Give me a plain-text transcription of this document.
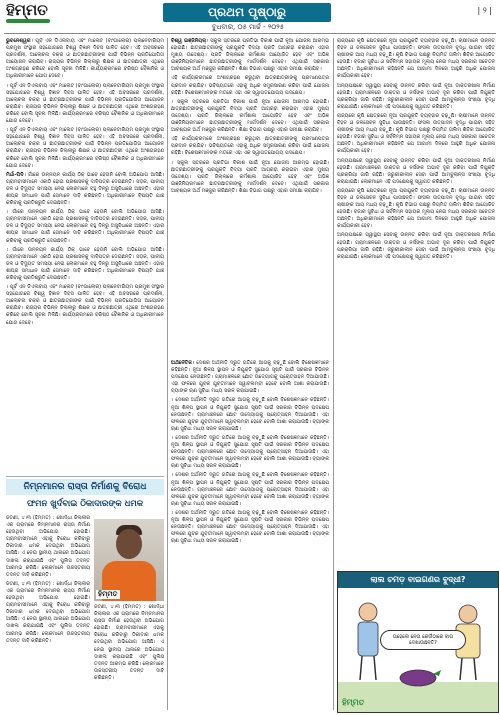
ହିମ୍ମତ	ପ୍ରଥମ ପୃଷ୍ଠାରୁ
ବୁଧବାର, ୦୫ ମାର୍ଚ୍ଚ - ୨୦୨୫
| ୨ |

ଭୁବନେଶ୍ୱର। ପୂର୍ବ ଏନ ଡିଏଲବାୟ ଏବଂ ମାଲେଟ (ବାଂଗାଲୋର) ପ୍ଲାନେଟାରିୟମ ପ୍ରମୁଖ ସଂସ୍ଥାର ସହଯୋଗରେ ବିଶ୍ୱ ବିଜ୍ଞାନ ଦିବସ ପାଳିତ ହେବ। ଏହି ଅବସରରେ ପ୍ରଦର୍ଶନୀ, ଆଲୋଚନା ଚକ୍ର ଓ ଛାତ୍ରଛାତ୍ରୀଙ୍କ ପାଇଁ ବିଭିନ୍ନ ପ୍ରତିଯୋଗିତା ଆୟୋଜନ କରାଯିବ। ରାଜ୍ୟର ବିଭିନ୍ନ ଜିଲ୍ଲାରୁ ଶିକ୍ଷକ ଓ ଛାତ୍ରଛାତ୍ରୀ ଏଥିରେ ଅଂଶଗ୍ରହଣ କରିବେ ବୋଲି ସୂଚନା ମିଳିଛି। କାର୍ଯ୍ୟକ୍ରମରେ ବରିଷ୍ଠ ବୈଜ୍ଞାନିକ ଓ ଅଧିକାରୀମାନେ ଯୋଗ ଦେବେ।

। ପୂର୍ବ ଏନ ଡିଏଲବାୟ ଏବଂ ମାଲେଟ (ବାଂଗାଲୋର) ପ୍ଲାନେଟାରିୟମ ପ୍ରମୁଖ ସଂସ୍ଥାର ସହଯୋଗରେ ବିଶ୍ୱ ବିଜ୍ଞାନ ଦିବସ ପାଳିତ ହେବ। ଏହି ଅବସରରେ ପ୍ରଦର୍ଶନୀ, ଆଲୋଚନା ଚକ୍ର ଓ ଛାତ୍ରଛାତ୍ରୀଙ୍କ ପାଇଁ ବିଭିନ୍ନ ପ୍ରତିଯୋଗିତା ଆୟୋଜନ କରାଯିବ। ରାଜ୍ୟର ବିଭିନ୍ନ ଜିଲ୍ଲାରୁ ଶିକ୍ଷକ ଓ ଛାତ୍ରଛାତ୍ରୀ ଏଥିରେ ଅଂଶଗ୍ରହଣ କରିବେ ବୋଲି ସୂଚନା ମିଳିଛି। କାର୍ଯ୍ୟକ୍ରମରେ ବରିଷ୍ଠ ବୈଜ୍ଞାନିକ ଓ ଅଧିକାରୀମାନେ ଯୋଗ ଦେବେ।

। ପୂର୍ବ ଏନ ଡିଏଲବାୟ ଏବଂ ମାଲେଟ (ବାଂଗାଲୋର) ପ୍ଲାନେଟାରିୟମ ପ୍ରମୁଖ ସଂସ୍ଥାର ସହଯୋଗରେ ବିଶ୍ୱ ବିଜ୍ଞାନ ଦିବସ ପାଳିତ ହେବ। ଏହି ଅବସରରେ ପ୍ରଦର୍ଶନୀ, ଆଲୋଚନା ଚକ୍ର ଓ ଛାତ୍ରଛାତ୍ରୀଙ୍କ ପାଇଁ ବିଭିନ୍ନ ପ୍ରତିଯୋଗିତା ଆୟୋଜନ କରାଯିବ। ରାଜ୍ୟର ବିଭିନ୍ନ ଜିଲ୍ଲାରୁ ଶିକ୍ଷକ ଓ ଛାତ୍ରଛାତ୍ରୀ ଏଥିରେ ଅଂଶଗ୍ରହଣ କରିବେ ବୋଲି ସୂଚନା ମିଳିଛି। କାର୍ଯ୍ୟକ୍ରମରେ ବରିଷ୍ଠ ବୈଜ୍ଞାନିକ ଓ ଅଧିକାରୀମାନେ ଯୋଗ ଦେବେ।

ମିର୍ଧା-ପିଦି। ଗାଁରେ ଉନ୍ନୟନ କାର୍ଯ୍ୟ ଠିକ୍ ଭାବେ ହେଉନି ବୋଲି ଅଭିଯୋଗ ଆସିଛି। ଗ୍ରାମବାସୀମାନେ ଏକାଠି ହୋଇ ପ୍ରଶାସନକୁ ଦାବିପତ୍ର ଦେଇଛନ୍ତି। ସଡ଼କ, ପାନୀୟ ଜଳ ଓ ବିଦ୍ୟୁତ ସମସ୍ୟା ନେଇ ଲୋକମାନେ ବହୁ ଦିନରୁ ଅସୁବିଧାରେ ଅଛନ୍ତି। ଏହାର ଶୀଘ୍ର ସମାଧାନ ପାଇଁ ସେମାନେ ଦାବି କରିଛନ୍ତି। ଅଧିକାରୀମାନେ ବିଷୟଟି ଯାଞ୍ଚ କରିବାକୁ ପ୍ରତିଶ୍ରୁତି ଦେଇଛନ୍ତି।

। ଗାଁରେ ଉନ୍ନୟନ କାର୍ଯ୍ୟ ଠିକ୍ ଭାବେ ହେଉନି ବୋଲି ଅଭିଯୋଗ ଆସିଛି। ଗ୍ରାମବାସୀମାନେ ଏକାଠି ହୋଇ ପ୍ରଶାସନକୁ ଦାବିପତ୍ର ଦେଇଛନ୍ତି। ସଡ଼କ, ପାନୀୟ ଜଳ ଓ ବିଦ୍ୟୁତ ସମସ୍ୟା ନେଇ ଲୋକମାନେ ବହୁ ଦିନରୁ ଅସୁବିଧାରେ ଅଛନ୍ତି। ଏହାର ଶୀଘ୍ର ସମାଧାନ ପାଇଁ ସେମାନେ ଦାବି କରିଛନ୍ତି। ଅଧିକାରୀମାନେ ବିଷୟଟି ଯାଞ୍ଚ କରିବାକୁ ପ୍ରତିଶ୍ରୁତି ଦେଇଛନ୍ତି।

। ଗାଁରେ ଉନ୍ନୟନ କାର୍ଯ୍ୟ ଠିକ୍ ଭାବେ ହେଉନି ବୋଲି ଅଭିଯୋଗ ଆସିଛି। ଗ୍ରାମବାସୀମାନେ ଏକାଠି ହୋଇ ପ୍ରଶାସନକୁ ଦାବିପତ୍ର ଦେଇଛନ୍ତି। ସଡ଼କ, ପାନୀୟ ଜଳ ଓ ବିଦ୍ୟୁତ ସମସ୍ୟା ନେଇ ଲୋକମାନେ ବହୁ ଦିନରୁ ଅସୁବିଧାରେ ଅଛନ୍ତି। ଏହାର ଶୀଘ୍ର ସମାଧାନ ପାଇଁ ସେମାନେ ଦାବି କରିଛନ୍ତି। ଅଧିକାରୀମାନେ ବିଷୟଟି ଯାଞ୍ଚ କରିବାକୁ ପ୍ରତିଶ୍ରୁତି ଦେଇଛନ୍ତି।

। ପୂର୍ବ ଏନ ଡିଏଲବାୟ ଏବଂ ମାଲେଟ (ବାଂଗାଲୋର) ପ୍ଲାନେଟାରିୟମ ପ୍ରମୁଖ ସଂସ୍ଥାର ସହଯୋଗରେ ବିଶ୍ୱ ବିଜ୍ଞାନ ଦିବସ ପାଳିତ ହେବ। ଏହି ଅବସରରେ ପ୍ରଦର୍ଶନୀ, ଆଲୋଚନା ଚକ୍ର ଓ ଛାତ୍ରଛାତ୍ରୀଙ୍କ ପାଇଁ ବିଭିନ୍ନ ପ୍ରତିଯୋଗିତା ଆୟୋଜନ କରାଯିବ। ରାଜ୍ୟର ବିଭିନ୍ନ ଜିଲ୍ଲାରୁ ଶିକ୍ଷକ ଓ ଛାତ୍ରଛାତ୍ରୀ ଏଥିରେ ଅଂଶଗ୍ରହଣ କରିବେ ବୋଲି ସୂଚନା ମିଳିଛି। କାର୍ଯ୍ୟକ୍ରମରେ ବରିଷ୍ଠ ବୈଜ୍ଞାନିକ ଓ ଅଧିକାରୀମାନେ ଯୋଗ ଦେବେ।

ନିମ୍ନମାନର ରାସ୍ତା ନିର୍ମାଣକୁ ବିରୋଧ
ଫମନ ଖୁର୍ଦବାଇ ଠିକାଦାରଙ୍କ ଧମକ

ଜଟଣୀ, ୪।୩ (ହିମ୍ମତ) : ଖୋର୍ଦ୍ଧା ଜିଲ୍ଲାର ଏକ ଗ୍ରାମରେ ନିମ୍ନମାନର ରାସ୍ତା ନିର୍ମାଣ ହେଉଥିବା ଅଭିଯୋଗ ହୋଇଛି। ଗ୍ରାମବାସୀମାନେ ଏହାକୁ ବିରୋଧ କରିବାରୁ ଠିକାଦାର ଧମକ ଦେଇଥିବା ଅଭିଯୋଗ ଆସିଛି। ଏ ନେଇ ସ୍ଥାନୀୟ ଥାନାରେ ଅଭିଯୋଗ ଦାଖଲ କରାଯାଇଛି ଏବଂ ପୁଲିସ ତଦନ୍ତ ଆରମ୍ଭ କରିଛି। ଲୋକମାନେ ଉଚ୍ଚସ୍ତରୀୟ ତଦନ୍ତ ଦାବି କରିଛନ୍ତି।

ଜଟଣୀ, ୪।୩ (ହିମ୍ମତ) : ଖୋର୍ଦ୍ଧା ଜିଲ୍ଲାର ଏକ ଗ୍ରାମରେ ନିମ୍ନମାନର ରାସ୍ତା ନିର୍ମାଣ ହେଉଥିବା ଅଭିଯୋଗ ହୋଇଛି। ଗ୍ରାମବାସୀମାନେ ଏହାକୁ ବିରୋଧ କରିବାରୁ ଠିକାଦାର ଧମକ ଦେଇଥିବା ଅଭିଯୋଗ ଆସିଛି। ଏ ନେଇ ସ୍ଥାନୀୟ ଥାନାରେ ଅଭିଯୋଗ ଦାଖଲ କରାଯାଇଛି ଏବଂ ପୁଲିସ ତଦନ୍ତ ଆରମ୍ଭ କରିଛି। ଲୋକମାନେ ଉଚ୍ଚସ୍ତରୀୟ ତଦନ୍ତ ଦାବି କରିଛନ୍ତି।

ଜଟଣୀ, ୪।୩ (ହିମ୍ମତ) : ଖୋର୍ଦ୍ଧା ଜିଲ୍ଲାର ଏକ ଗ୍ରାମରେ ନିମ୍ନମାନର ରାସ୍ତା ନିର୍ମାଣ ହେଉଥିବା ଅଭିଯୋଗ ହୋଇଛି। ଗ୍ରାମବାସୀମାନେ ଏହାକୁ ବିରୋଧ କରିବାରୁ ଠିକାଦାର ଧମକ ଦେଇଥିବା ଅଭିଯୋଗ ଆସିଛି। ଏ ନେଇ ସ୍ଥାନୀୟ ଥାନାରେ ଅଭିଯୋଗ ଦାଖଲ କରାଯାଇଛି ଏବଂ ପୁଲିସ ତଦନ୍ତ ଆରମ୍ଭ କରିଛି। ଲୋକମାନେ ଉଚ୍ଚସ୍ତରୀୟ ତଦନ୍ତ ଦାବି କରିଛନ୍ତି।

ହିମ୍ମତ

ବିଶ୍ୱ ଇଞ୍ଜିନିୟର୍। ସ୍କୁଲ ସ୍ତରରେ ପ୍ରତିଭା ବିକାଶ ପାଇଁ ନୂଆ ଯୋଜନା ଆରମ୍ଭ ହୋଇଛି। ଛାତ୍ରଛାତ୍ରୀଙ୍କୁ ପ୍ରଯୁକ୍ତି ବିଦ୍ୟା ପ୍ରତି ଆଗ୍ରହୀ କରାଇବା ଏହାର ମୁଖ୍ୟ ଉଦ୍ଦେଶ୍ୟ। ପ୍ରତି ଜିଲ୍ଲାରେ କର୍ମଶାଳା ଆୟୋଜିତ ହେବ ଏବଂ ଅଭିଜ୍ଞ ଇଞ୍ଜିନିୟରମାନେ ଛାତ୍ରଛାତ୍ରୀଙ୍କୁ ମାର୍ଗଦର୍ଶନ ଦେବେ। ଏଥିପାଇଁ ସରକାର ଆବଶ୍ୟକ ଅର୍ଥ ମଞ୍ଜୁର କରିଛନ୍ତି। ଶିକ୍ଷା ବିଭାଗ ପକ୍ଷରୁ ଏହାର ସମୀକ୍ଷା କରାଯିବ।

ଏହି କାର୍ଯ୍ୟକ୍ରମରେ ଅଂଶଗ୍ରହଣ କରୁଥିବା ଛାତ୍ରଛାତ୍ରୀଙ୍କୁ ପ୍ରମାଣପତ୍ର ପ୍ରଦାନ କରାଯିବ। ଭବିଷ୍ୟତରେ ଏହାକୁ ଅଧିକ ସମ୍ପ୍ରସାରଣ କରିବା ପାଇଁ ଯୋଜନା ରହିଛି। ବିଶେଷଜ୍ଞମାନଙ୍କ ମତରେ ଏହା ଏକ ସ୍ୱାଗତଯୋଗ୍ୟ ପଦକ୍ଷେପ।

। ସ୍କୁଲ ସ୍ତରରେ ପ୍ରତିଭା ବିକାଶ ପାଇଁ ନୂଆ ଯୋଜନା ଆରମ୍ଭ ହୋଇଛି। ଛାତ୍ରଛାତ୍ରୀଙ୍କୁ ପ୍ରଯୁକ୍ତି ବିଦ୍ୟା ପ୍ରତି ଆଗ୍ରହୀ କରାଇବା ଏହାର ମୁଖ୍ୟ ଉଦ୍ଦେଶ୍ୟ। ପ୍ରତି ଜିଲ୍ଲାରେ କର୍ମଶାଳା ଆୟୋଜିତ ହେବ ଏବଂ ଅଭିଜ୍ଞ ଇଞ୍ଜିନିୟରମାନେ ଛାତ୍ରଛାତ୍ରୀଙ୍କୁ ମାର୍ଗଦର୍ଶନ ଦେବେ। ଏଥିପାଇଁ ସରକାର ଆବଶ୍ୟକ ଅର୍ଥ ମଞ୍ଜୁର କରିଛନ୍ତି। ଶିକ୍ଷା ବିଭାଗ ପକ୍ଷରୁ ଏହାର ସମୀକ୍ଷା କରାଯିବ।

ଏହି କାର୍ଯ୍ୟକ୍ରମରେ ଅଂଶଗ୍ରହଣ କରୁଥିବା ଛାତ୍ରଛାତ୍ରୀଙ୍କୁ ପ୍ରମାଣପତ୍ର ପ୍ରଦାନ କରାଯିବ। ଭବିଷ୍ୟତରେ ଏହାକୁ ଅଧିକ ସମ୍ପ୍ରସାରଣ କରିବା ପାଇଁ ଯୋଜନା ରହିଛି। ବିଶେଷଜ୍ଞମାନଙ୍କ ମତରେ ଏହା ଏକ ସ୍ୱାଗତଯୋଗ୍ୟ ପଦକ୍ଷେପ।

। ସ୍କୁଲ ସ୍ତରରେ ପ୍ରତିଭା ବିକାଶ ପାଇଁ ନୂଆ ଯୋଜନା ଆରମ୍ଭ ହୋଇଛି। ଛାତ୍ରଛାତ୍ରୀଙ୍କୁ ପ୍ରଯୁକ୍ତି ବିଦ୍ୟା ପ୍ରତି ଆଗ୍ରହୀ କରାଇବା ଏହାର ମୁଖ୍ୟ ଉଦ୍ଦେଶ୍ୟ। ପ୍ରତି ଜିଲ୍ଲାରେ କର୍ମଶାଳା ଆୟୋଜିତ ହେବ ଏବଂ ଅଭିଜ୍ଞ ଇଞ୍ଜିନିୟରମାନେ ଛାତ୍ରଛାତ୍ରୀଙ୍କୁ ମାର୍ଗଦର୍ଶନ ଦେବେ। ଏଥିପାଇଁ ସରକାର ଆବଶ୍ୟକ ଅର୍ଥ ମଞ୍ଜୁର କରିଛନ୍ତି। ଶିକ୍ଷା ବିଭାଗ ପକ୍ଷରୁ ଏହାର ସମୀକ୍ଷା କରାଯିବ।

ଅର୍ଥନୈତିକ। ଦେଶର ଅର୍ଥନୀତି ଦ୍ରୁତ ଗତିରେ ଆଗକୁ ବଢ଼ୁଛି ବୋଲି ବିଶେଷଜ୍ଞମାନେ କହିଛନ୍ତି। ନୂଆ ଶିଳ୍ପ ସ୍ଥାପନ ଓ ନିଯୁକ୍ତି ସୁଯୋଗ ସୃଷ୍ଟି ପାଇଁ ସରକାର ବିଭିନ୍ନ ପଦକ୍ଷେପ ନେଉଛନ୍ତି। ଗ୍ରାମାଞ୍ଚଳରେ ଛୋଟ ଉଦ୍ୟୋଗକୁ ପ୍ରୋତ୍ସାହନ ଦିଆଯାଉଛି। ଏହା ଫଳରେ ଯୁବକ ଯୁବତୀମାନେ ସ୍ୱାବଲମ୍ବୀ ହେବେ ବୋଲି ଆଶା କରାଯାଉଛି। ବ୍ୟାଙ୍କ ଋଣ ସୁବିଧା ମଧ୍ୟ ସରଳ କରାଯାଇଛି।

। ଦେଶର ଅର୍ଥନୀତି ଦ୍ରୁତ ଗତିରେ ଆଗକୁ ବଢ଼ୁଛି ବୋଲି ବିଶେଷଜ୍ଞମାନେ କହିଛନ୍ତି। ନୂଆ ଶିଳ୍ପ ସ୍ଥାପନ ଓ ନିଯୁକ୍ତି ସୁଯୋଗ ସୃଷ୍ଟି ପାଇଁ ସରକାର ବିଭିନ୍ନ ପଦକ୍ଷେପ ନେଉଛନ୍ତି। ଗ୍ରାମାଞ୍ଚଳରେ ଛୋଟ ଉଦ୍ୟୋଗକୁ ପ୍ରୋତ୍ସାହନ ଦିଆଯାଉଛି। ଏହା ଫଳରେ ଯୁବକ ଯୁବତୀମାନେ ସ୍ୱାବଲମ୍ବୀ ହେବେ ବୋଲି ଆଶା କରାଯାଉଛି। ବ୍ୟାଙ୍କ ଋଣ ସୁବିଧା ମଧ୍ୟ ସରଳ କରାଯାଇଛି।

। ଦେଶର ଅର୍ଥନୀତି ଦ୍ରୁତ ଗତିରେ ଆଗକୁ ବଢ଼ୁଛି ବୋଲି ବିଶେଷଜ୍ଞମାନେ କହିଛନ୍ତି। ନୂଆ ଶିଳ୍ପ ସ୍ଥାପନ ଓ ନିଯୁକ୍ତି ସୁଯୋଗ ସୃଷ୍ଟି ପାଇଁ ସରକାର ବିଭିନ୍ନ ପଦକ୍ଷେପ ନେଉଛନ୍ତି। ଗ୍ରାମାଞ୍ଚଳରେ ଛୋଟ ଉଦ୍ୟୋଗକୁ ପ୍ରୋତ୍ସାହନ ଦିଆଯାଉଛି। ଏହା ଫଳରେ ଯୁବକ ଯୁବତୀମାନେ ସ୍ୱାବଲମ୍ବୀ ହେବେ ବୋଲି ଆଶା କରାଯାଉଛି। ବ୍ୟାଙ୍କ ଋଣ ସୁବିଧା ମଧ୍ୟ ସରଳ କରାଯାଇଛି।

। ଦେଶର ଅର୍ଥନୀତି ଦ୍ରୁତ ଗତିରେ ଆଗକୁ ବଢ଼ୁଛି ବୋଲି ବିଶେଷଜ୍ଞମାନେ କହିଛନ୍ତି। ନୂଆ ଶିଳ୍ପ ସ୍ଥାପନ ଓ ନିଯୁକ୍ତି ସୁଯୋଗ ସୃଷ୍ଟି ପାଇଁ ସରକାର ବିଭିନ୍ନ ପଦକ୍ଷେପ ନେଉଛନ୍ତି। ଗ୍ରାମାଞ୍ଚଳରେ ଛୋଟ ଉଦ୍ୟୋଗକୁ ପ୍ରୋତ୍ସାହନ ଦିଆଯାଉଛି। ଏହା ଫଳରେ ଯୁବକ ଯୁବତୀମାନେ ସ୍ୱାବଲମ୍ବୀ ହେବେ ବୋଲି ଆଶା କରାଯାଉଛି। ବ୍ୟାଙ୍କ ଋଣ ସୁବିଧା ମଧ୍ୟ ସରଳ କରାଯାଇଛି।

। ଦେଶର ଅର୍ଥନୀତି ଦ୍ରୁତ ଗତିରେ ଆଗକୁ ବଢ଼ୁଛି ବୋଲି ବିଶେଷଜ୍ଞମାନେ କହିଛନ୍ତି। ନୂଆ ଶିଳ୍ପ ସ୍ଥାପନ ଓ ନିଯୁକ୍ତି ସୁଯୋଗ ସୃଷ୍ଟି ପାଇଁ ସରକାର ବିଭିନ୍ନ ପଦକ୍ଷେପ ନେଉଛନ୍ତି। ଗ୍ରାମାଞ୍ଚଳରେ ଛୋଟ ଉଦ୍ୟୋଗକୁ ପ୍ରୋତ୍ସାହନ ଦିଆଯାଉଛି। ଏହା ଫଳରେ ଯୁବକ ଯୁବତୀମାନେ ସ୍ୱାବଲମ୍ବୀ ହେବେ ବୋଲି ଆଶା କରାଯାଉଛି। ବ୍ୟାଙ୍କ ଋଣ ସୁବିଧା ମଧ୍ୟ ସରଳ କରାଯାଇଛି।

ରାଜ୍ୟରେ କୃଷି କ୍ଷେତ୍ରରେ ନୂଆ ପ୍ରଯୁକ୍ତି ବ୍ୟବହାର ବଢ଼ୁଛି। ଚାଷୀମାନେ ଉନ୍ନତ ବିହନ ଓ ଜଳସେଚନ ସୁବିଧା ପାଉଛନ୍ତି। ଫସଲ ଉତ୍ପାଦନ ବୃଦ୍ଧି ପାଇବା ସହିତ ଚାଷୀଙ୍କ ଆୟ ମଧ୍ୟ ବଢ଼ୁଛି। କୃଷି ବିଭାଗ ପକ୍ଷରୁ ନିୟମିତ ତାଲିମ ଶିବିର ଆୟୋଜିତ ହେଉଛି। ବଜାର ସୁବିଧା ଓ ସର୍ବନିମ୍ନ ସହାୟକ ମୂଲ୍ୟ ନେଇ ମଧ୍ୟ ସରକାର ସଚେତନ ଅଛନ୍ତି। ଅଧିକାରୀମାନେ କହିଛନ୍ତି ଯେ ଆଗାମୀ ଦିନରେ ଆହୁରି ଅଧିକ ଯୋଜନା କାର୍ଯ୍ୟକାରୀ ହେବ।

ଅନ୍ୟପକ୍ଷରେ ସ୍ୱାସ୍ଥ୍ୟ ସେବାକୁ ଉନ୍ନତ କରିବା ପାଇଁ ନୂଆ ଡାକ୍ତରଖାନା ନିର୍ମାଣ ହେଉଛି। ଗ୍ରାମାଞ୍ଚଳରେ ଡାକ୍ତର ଓ ନର୍ସଙ୍କ ଅଭାବ ଦୂର କରିବା ପାଇଁ ନିଯୁକ୍ତି ପ୍ରକ୍ରିୟା ଜାରି ରହିଛି। ଜରୁରୀକାଳୀନ ସେବା ପାଇଁ ଆମ୍ବୁଲାନ୍ସ ସଂଖ୍ୟା ବୃଦ୍ଧି କରାଯାଇଛି। ଲୋକମାନେ ଏହି ପଦକ୍ଷେପକୁ ସ୍ୱାଗତ କରିଛନ୍ତି।

ରାଜ୍ୟରେ କୃଷି କ୍ଷେତ୍ରରେ ନୂଆ ପ୍ରଯୁକ୍ତି ବ୍ୟବହାର ବଢ଼ୁଛି। ଚାଷୀମାନେ ଉନ୍ନତ ବିହନ ଓ ଜଳସେଚନ ସୁବିଧା ପାଉଛନ୍ତି। ଫସଲ ଉତ୍ପାଦନ ବୃଦ୍ଧି ପାଇବା ସହିତ ଚାଷୀଙ୍କ ଆୟ ମଧ୍ୟ ବଢ଼ୁଛି। କୃଷି ବିଭାଗ ପକ୍ଷରୁ ନିୟମିତ ତାଲିମ ଶିବିର ଆୟୋଜିତ ହେଉଛି। ବଜାର ସୁବିଧା ଓ ସର୍ବନିମ୍ନ ସହାୟକ ମୂଲ୍ୟ ନେଇ ମଧ୍ୟ ସରକାର ସଚେତନ ଅଛନ୍ତି। ଅଧିକାରୀମାନେ କହିଛନ୍ତି ଯେ ଆଗାମୀ ଦିନରେ ଆହୁରି ଅଧିକ ଯୋଜନା କାର୍ଯ୍ୟକାରୀ ହେବ।

ଅନ୍ୟପକ୍ଷରେ ସ୍ୱାସ୍ଥ୍ୟ ସେବାକୁ ଉନ୍ନତ କରିବା ପାଇଁ ନୂଆ ଡାକ୍ତରଖାନା ନିର୍ମାଣ ହେଉଛି। ଗ୍ରାମାଞ୍ଚଳରେ ଡାକ୍ତର ଓ ନର୍ସଙ୍କ ଅଭାବ ଦୂର କରିବା ପାଇଁ ନିଯୁକ୍ତି ପ୍ରକ୍ରିୟା ଜାରି ରହିଛି। ଜରୁରୀକାଳୀନ ସେବା ପାଇଁ ଆମ୍ବୁଲାନ୍ସ ସଂଖ୍ୟା ବୃଦ୍ଧି କରାଯାଇଛି। ଲୋକମାନେ ଏହି ପଦକ୍ଷେପକୁ ସ୍ୱାଗତ କରିଛନ୍ତି।

ରାଜ୍ୟରେ କୃଷି କ୍ଷେତ୍ରରେ ନୂଆ ପ୍ରଯୁକ୍ତି ବ୍ୟବହାର ବଢ଼ୁଛି। ଚାଷୀମାନେ ଉନ୍ନତ ବିହନ ଓ ଜଳସେଚନ ସୁବିଧା ପାଉଛନ୍ତି। ଫସଲ ଉତ୍ପାଦନ ବୃଦ୍ଧି ପାଇବା ସହିତ ଚାଷୀଙ୍କ ଆୟ ମଧ୍ୟ ବଢ଼ୁଛି। କୃଷି ବିଭାଗ ପକ୍ଷରୁ ନିୟମିତ ତାଲିମ ଶିବିର ଆୟୋଜିତ ହେଉଛି। ବଜାର ସୁବିଧା ଓ ସର୍ବନିମ୍ନ ସହାୟକ ମୂଲ୍ୟ ନେଇ ମଧ୍ୟ ସରକାର ସଚେତନ ଅଛନ୍ତି। ଅଧିକାରୀମାନେ କହିଛନ୍ତି ଯେ ଆଗାମୀ ଦିନରେ ଆହୁରି ଅଧିକ ଯୋଜନା କାର୍ଯ୍ୟକାରୀ ହେବ।

ଅନ୍ୟପକ୍ଷରେ ସ୍ୱାସ୍ଥ୍ୟ ସେବାକୁ ଉନ୍ନତ କରିବା ପାଇଁ ନୂଆ ଡାକ୍ତରଖାନା ନିର୍ମାଣ ହେଉଛି। ଗ୍ରାମାଞ୍ଚଳରେ ଡାକ୍ତର ଓ ନର୍ସଙ୍କ ଅଭାବ ଦୂର କରିବା ପାଇଁ ନିଯୁକ୍ତି ପ୍ରକ୍ରିୟା ଜାରି ରହିଛି। ଜରୁରୀକାଳୀନ ସେବା ପାଇଁ ଆମ୍ବୁଲାନ୍ସ ସଂଖ୍ୟା ବୃଦ୍ଧି କରାଯାଇଛି। ଲୋକମାନେ ଏହି ପଦକ୍ଷେପକୁ ସ୍ୱାଗତ କରିଛନ୍ତି।

ଲାଲ ଚମଡ଼ ବାଇଗଣର ବୁଦ୍ଧୀ?
ତାହେଲେ ନେତା କେଉଁଠାରେ ବାଗ ଦେଖାଉଛନ୍ତି?
ହିମ୍ମତ
